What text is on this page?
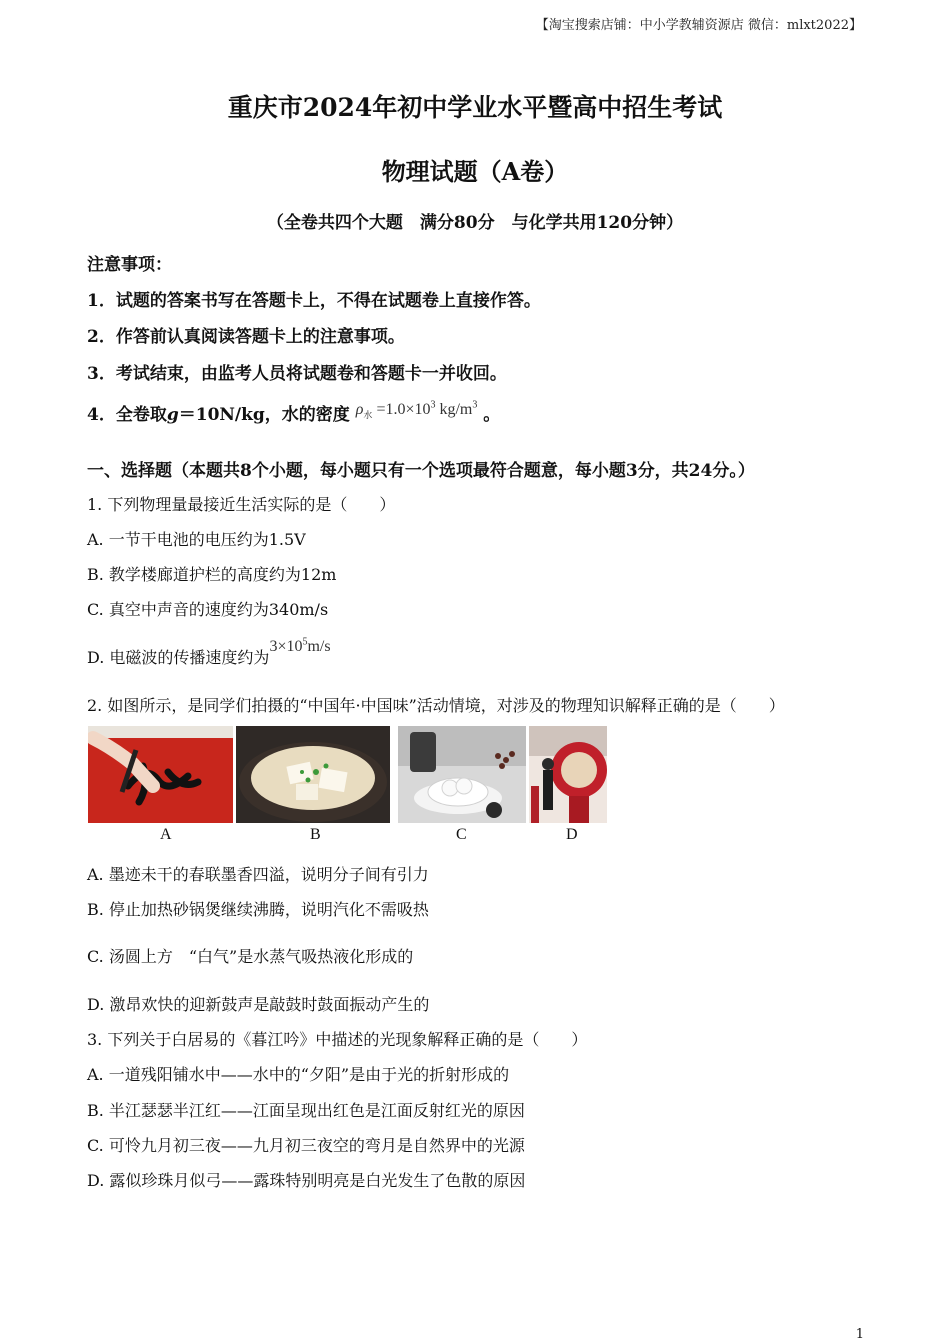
【淘宝搜索店铺：中小学教辅资源店 微信：mlxt2022】
重庆市2024年初中学业水平暨高中招生考试
物理试题（A卷）
（全卷共四个大题　满分80分　与化学共用120分钟）
注意事项：
1．试题的答案书写在答题卡上，不得在试题卷上直接作答。
2．作答前认真阅读答题卡上的注意事项。
3．考试结束，由监考人员将试题卷和答题卡一并收回。
4．全卷取g＝10N/kg，水的密度 $\rho_水 =1.0\times 10^3$ $kg/m^3$ 。
一、选择题（本题共8个小题，每小题只有一个选项最符合题意，每小题3分，共24分。）
1. 下列物理量最接近生活实际的是（　　）
A. 一节干电池的电压约为1.5V
B. 教学楼廊道护栏的高度约为12m
C. 真空中声音的速度约为340m/s
D. 电磁波的传播速度约为$3\times 10^5m/s$
2. 如图所示，是同学们拍摄的“中国年·中国味”活动情境，对涉及的物理知识解释正确的是（　　）
A	B	C	D
A. 墨迹未干的春联墨香四溢，说明分子间有引力
B. 停止加热砂锅煲继续沸腾，说明汽化不需吸热
C. 汤圆上方　“白气”是水蒸气吸热液化形成的
D. 激昂欢快的迎新鼓声是敲鼓时鼓面振动产生的
3. 下列关于白居易的《暮江吟》中描述的光现象解释正确的是（　　）
A. 一道残阳铺水中——水中的“夕阳”是由于光的折射形成的
B. 半江瑟瑟半江红——江面呈现出红色是江面反射红光的原因
C. 可怜九月初三夜——九月初三夜空的弯月是自然界中的光源
D. 露似珍珠月似弓——露珠特别明亮是白光发生了色散的原因
1
